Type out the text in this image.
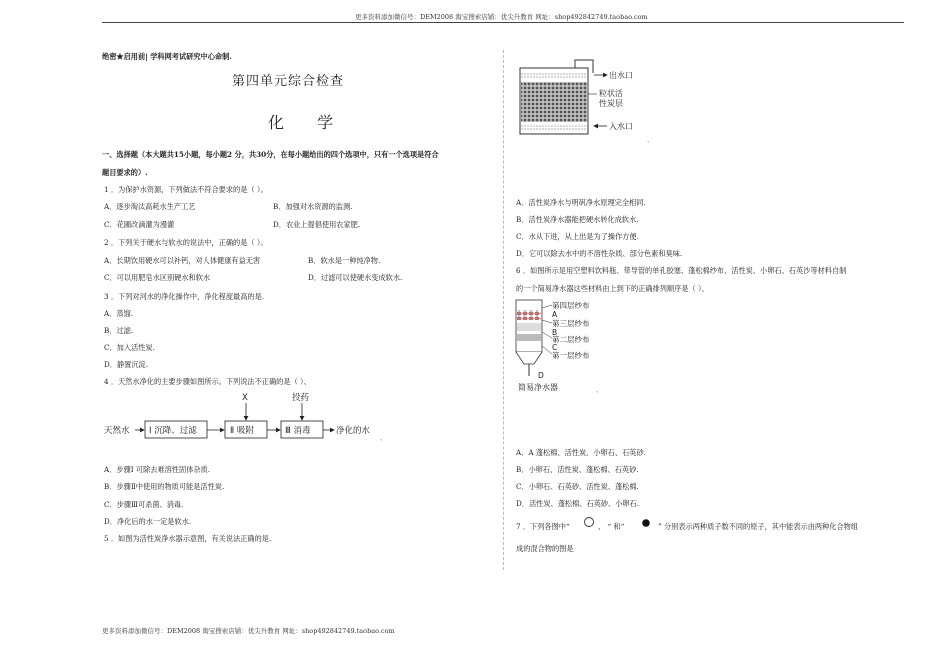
更多资料添加微信号：DEM2008 淘宝搜索店铺：优尖升教育 网址：shop492842749.taobao.com
更多资料添加微信号：DEM2008 淘宝搜索店铺：优尖升教育 网址：shop492842749.taobao.com
绝密★启用前| 学科网考试研究中心命制.
第四单元综合检查
化 学
一、选择题（本大题共15小题，每小题2 分，共30分，在每小题给出的四个选项中，只有一个选项是符合
题目要求的）.
1 ．为保护水资源，下列做法不符合要求的是（ ）。
A．逐步淘汰高耗水生产工艺	B．加强对水资源的监测.
C．花圃改滴灌为漫灌	D．农业上提倡使用农家肥.
2 ．下列关于硬水与软水的说法中，正确的是（ ）。
A．长期饮用硬水可以补钙，对人体健康有益无害	B．软水是一种纯净物.
C．可以用肥皂水区别硬水和软水	D．过滤可以使硬水变成软水.
3 ．下列对河水的净化操作中，净化程度最高的是.
A．蒸馏.
B．过滤.
C．加入活性炭.
D．静置沉淀.
4 ．天然水净化的主要步骤如图所示。下列说法不正确的是（ ）、
天然水 Ⅰ 沉降、过滤	Ⅱ 吸附	Ⅲ 消毒	净化的水
X	投药
、
A．步骤Ⅰ 可除去难溶性固体杂质.
B．步骤Ⅱ中使用的物质可能是活性炭.
C．步骤Ⅲ可杀菌、消毒.
D．净化后的水一定是软水.
5 ．如图为活性炭净水器示意图，有关说法正确的是.
出水口
粒状活
性炭层
入水口
、
A．活性炭净水与明矾净水原理完全相同.
B．活性炭净水器能把硬水转化成软水.
C．水从下进，从上出是为了操作方便.
D．它可以除去水中的不溶性杂质、部分色素和臭味.
6 ．如图所示是用空塑料饮料瓶、带导管的单孔胶塞、蓬松棉纱布、活性炭、小卵石、石英沙等材料自制
的一个简易净水器这些材料由上到下的正确排列顺序是（ ）、
第四层纱布
A
第三层纱布
B
第二层纱布
C
第一层纱布
D
简易净水器	、
A．A 蓬松棉、活性炭、小卵石、石英砂.
B．小卵石、活性炭、蓬松棉、石英砂.
C．小卵石、石英砂、活性炭、蓬松棉.
D．活性炭、蓬松棉、石英砂、小卵石.
7 ．下列各图中“	、 “ 和“	” 分别表示两种质子数不同的原子，其中能表示由两种化合物组
成的混合物的图是
